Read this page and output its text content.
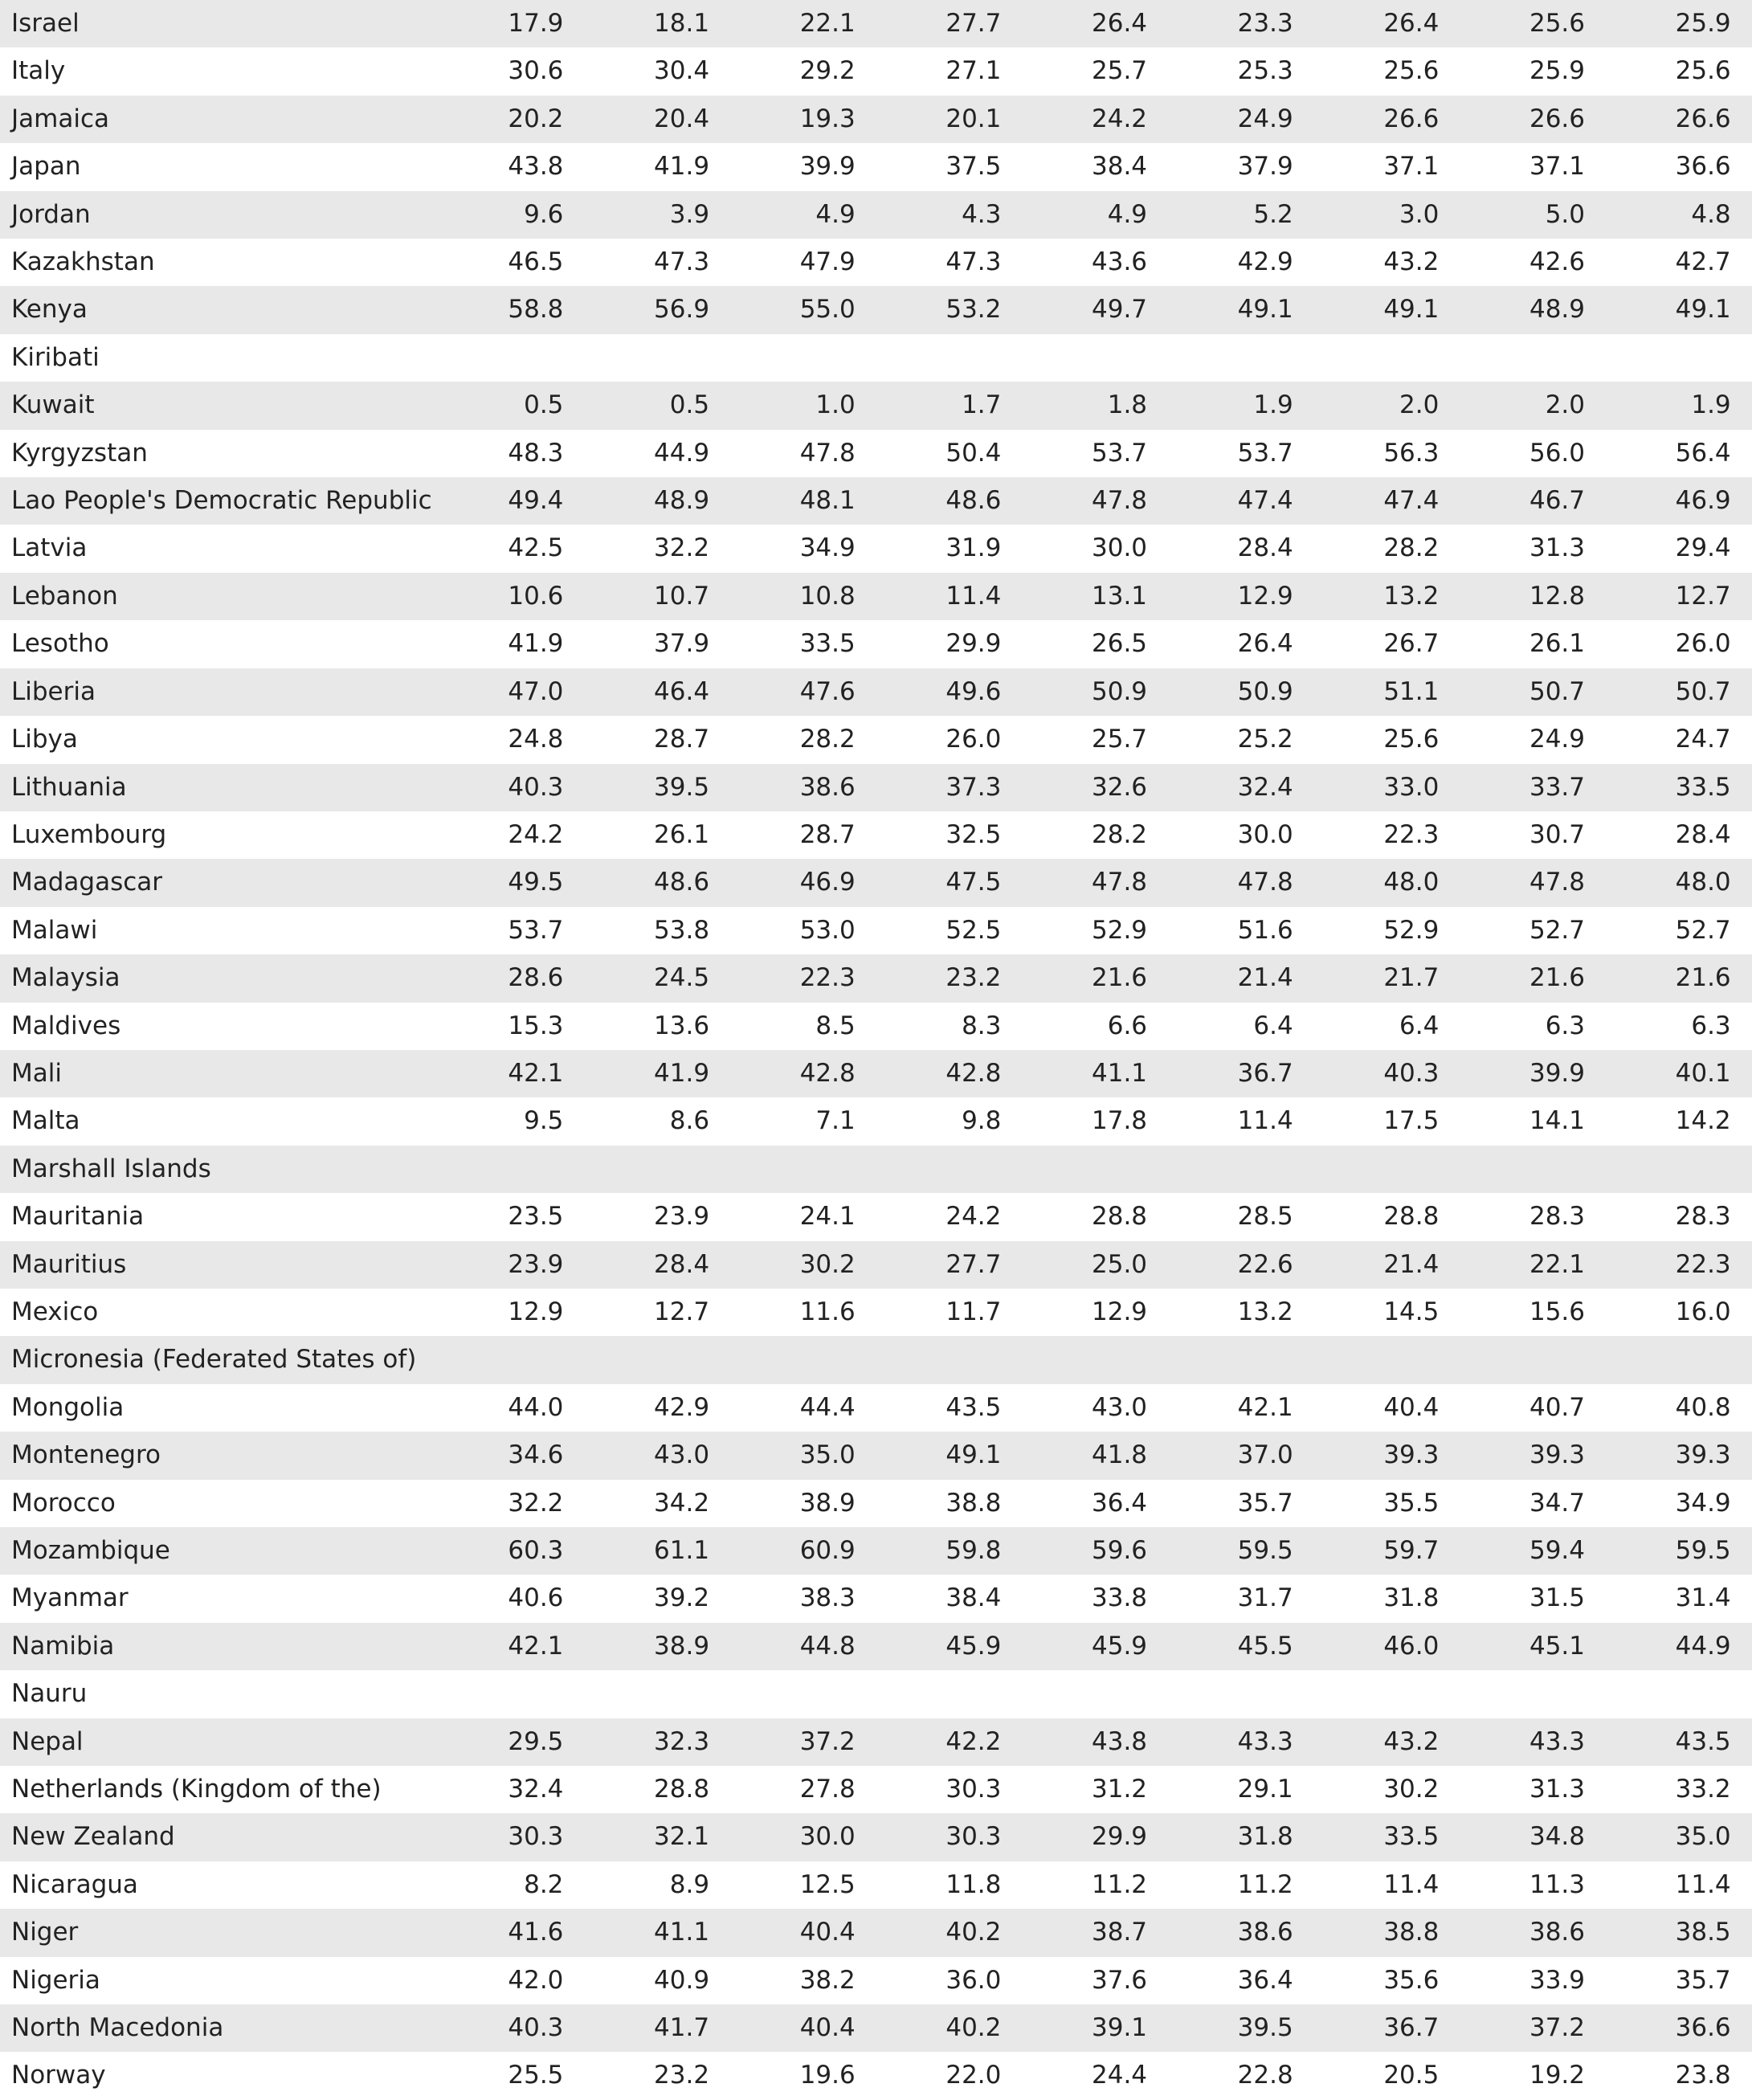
Israel	17.9	18.1	22.1	27.7	26.4	23.3	26.4	25.6	25.9	
Italy	30.6	30.4	29.2	27.1	25.7	25.3	25.6	25.9	25.6	
Jamaica	20.2	20.4	19.3	20.1	24.2	24.9	26.6	26.6	26.6	
Japan	43.8	41.9	39.9	37.5	38.4	37.9	37.1	37.1	36.6	
Jordan	9.6	3.9	4.9	4.3	4.9	5.2	3.0	5.0	4.8	
Kazakhstan	46.5	47.3	47.9	47.3	43.6	42.9	43.2	42.6	42.7	
Kenya	58.8	56.9	55.0	53.2	49.7	49.1	49.1	48.9	49.1	
Kiribati										
Kuwait	0.5	0.5	1.0	1.7	1.8	1.9	2.0	2.0	1.9	
Kyrgyzstan	48.3	44.9	47.8	50.4	53.7	53.7	56.3	56.0	56.4	
Lao People's Democratic Republic	49.4	48.9	48.1	48.6	47.8	47.4	47.4	46.7	46.9	
Latvia	42.5	32.2	34.9	31.9	30.0	28.4	28.2	31.3	29.4	
Lebanon	10.6	10.7	10.8	11.4	13.1	12.9	13.2	12.8	12.7	
Lesotho	41.9	37.9	33.5	29.9	26.5	26.4	26.7	26.1	26.0	
Liberia	47.0	46.4	47.6	49.6	50.9	50.9	51.1	50.7	50.7	
Libya	24.8	28.7	28.2	26.0	25.7	25.2	25.6	24.9	24.7	
Lithuania	40.3	39.5	38.6	37.3	32.6	32.4	33.0	33.7	33.5	
Luxembourg	24.2	26.1	28.7	32.5	28.2	30.0	22.3	30.7	28.4	
Madagascar	49.5	48.6	46.9	47.5	47.8	47.8	48.0	47.8	48.0	
Malawi	53.7	53.8	53.0	52.5	52.9	51.6	52.9	52.7	52.7	
Malaysia	28.6	24.5	22.3	23.2	21.6	21.4	21.7	21.6	21.6	
Maldives	15.3	13.6	8.5	8.3	6.6	6.4	6.4	6.3	6.3	
Mali	42.1	41.9	42.8	42.8	41.1	36.7	40.3	39.9	40.1	
Malta	9.5	8.6	7.1	9.8	17.8	11.4	17.5	14.1	14.2	
Marshall Islands										
Mauritania	23.5	23.9	24.1	24.2	28.8	28.5	28.8	28.3	28.3	
Mauritius	23.9	28.4	30.2	27.7	25.0	22.6	21.4	22.1	22.3	
Mexico	12.9	12.7	11.6	11.7	12.9	13.2	14.5	15.6	16.0	
Micronesia (Federated States of)										
Mongolia	44.0	42.9	44.4	43.5	43.0	42.1	40.4	40.7	40.8	
Montenegro	34.6	43.0	35.0	49.1	41.8	37.0	39.3	39.3	39.3	
Morocco	32.2	34.2	38.9	38.8	36.4	35.7	35.5	34.7	34.9	
Mozambique	60.3	61.1	60.9	59.8	59.6	59.5	59.7	59.4	59.5	
Myanmar	40.6	39.2	38.3	38.4	33.8	31.7	31.8	31.5	31.4	
Namibia	42.1	38.9	44.8	45.9	45.9	45.5	46.0	45.1	44.9	
Nauru										
Nepal	29.5	32.3	37.2	42.2	43.8	43.3	43.2	43.3	43.5	
Netherlands (Kingdom of the)	32.4	28.8	27.8	30.3	31.2	29.1	30.2	31.3	33.2	
New Zealand	30.3	32.1	30.0	30.3	29.9	31.8	33.5	34.8	35.0	
Nicaragua	8.2	8.9	12.5	11.8	11.2	11.2	11.4	11.3	11.4	
Niger	41.6	41.1	40.4	40.2	38.7	38.6	38.8	38.6	38.5	
Nigeria	42.0	40.9	38.2	36.0	37.6	36.4	35.6	33.9	35.7	
North Macedonia	40.3	41.7	40.4	40.2	39.1	39.5	36.7	37.2	36.6	
Norway	25.5	23.2	19.6	22.0	24.4	22.8	20.5	19.2	23.8	
